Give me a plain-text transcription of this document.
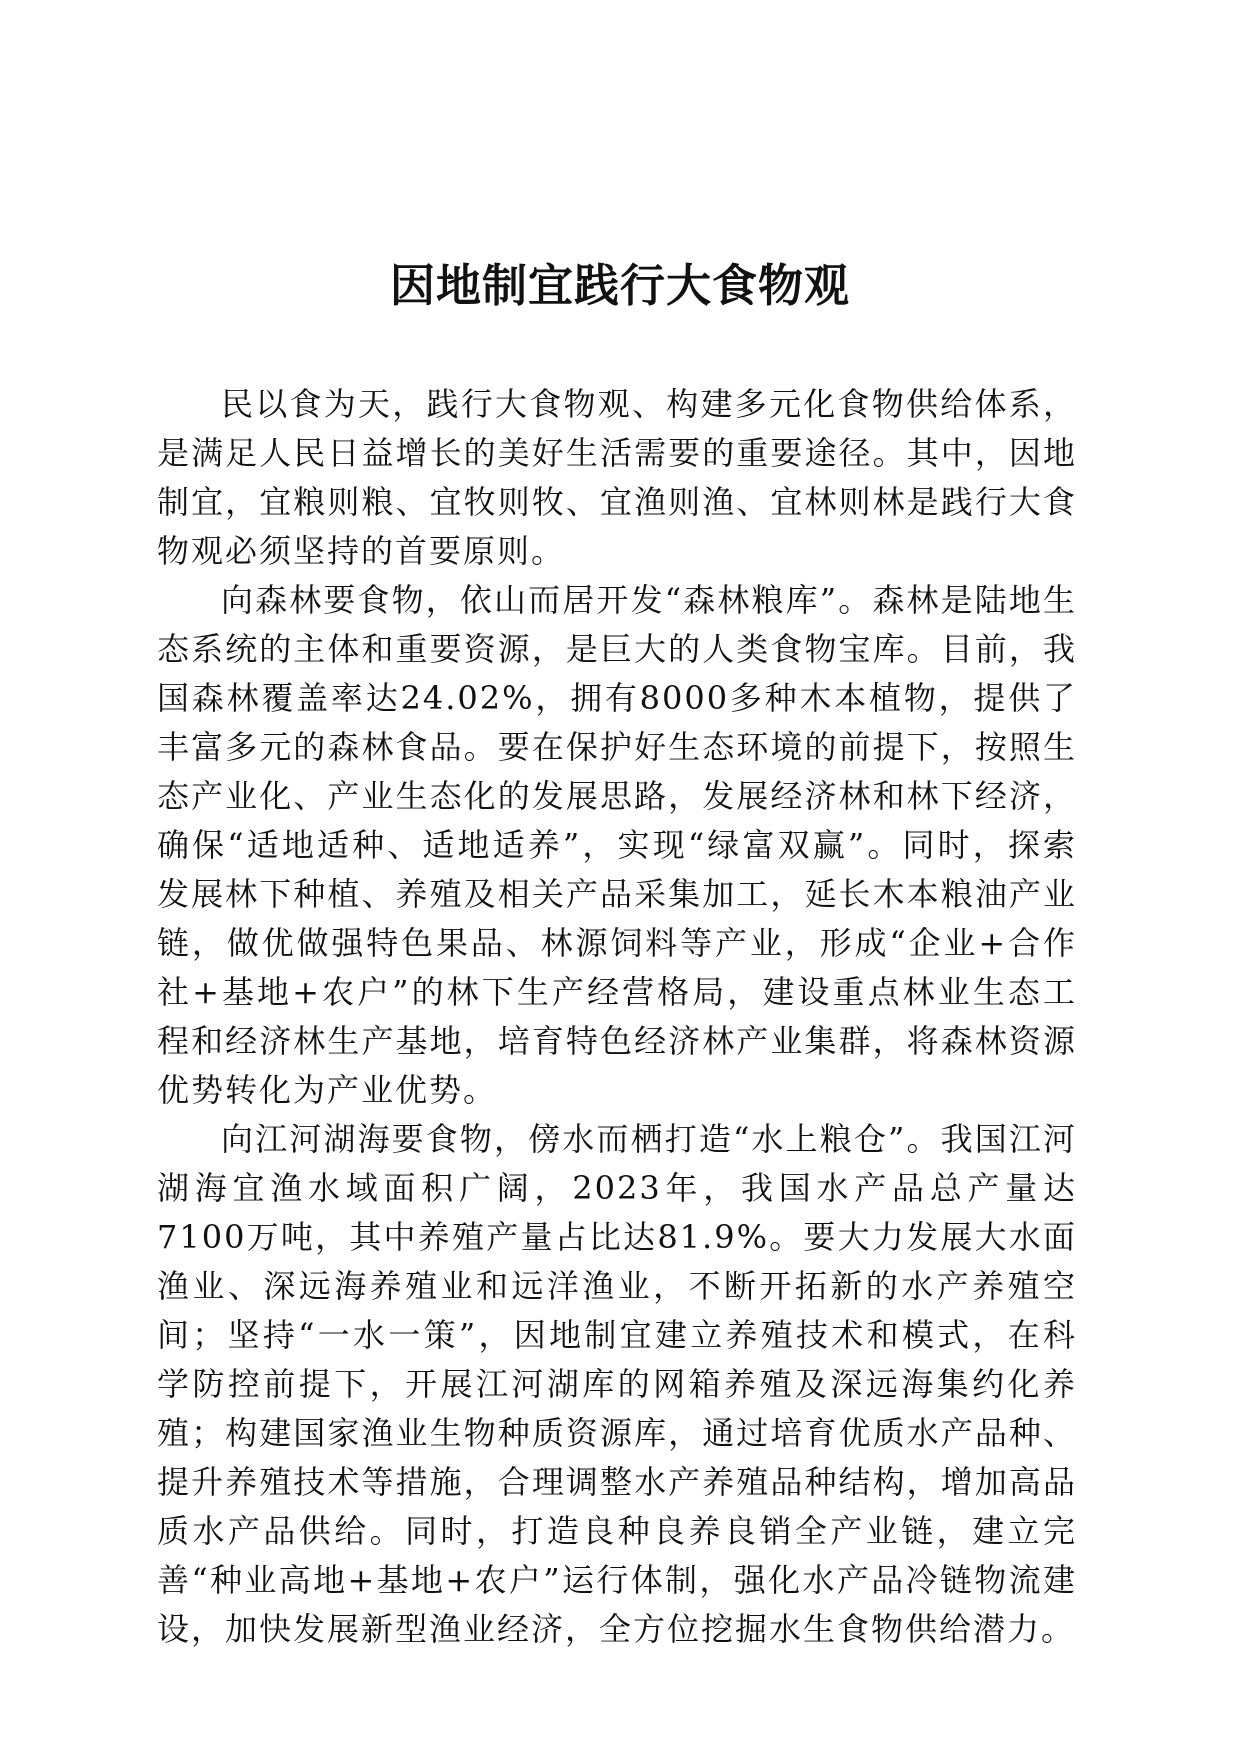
因地制宜践行大食物观

民以食为天，践行大食物观、构建多元化食物供给体系，是满足人民日益增长的美好生活需要的重要途径。其中，因地制宜，宜粮则粮、宜牧则牧、宜渔则渔、宜林则林是践行大食物观必须坚持的首要原则。

向森林要食物，依山而居开发“森林粮库”。森林是陆地生态系统的主体和重要资源，是巨大的人类食物宝库。目前，我国森林覆盖率达24.02%，拥有8000多种木本植物，提供了丰富多元的森林食品。要在保护好生态环境的前提下，按照生态产业化、产业生态化的发展思路，发展经济林和林下经济，确保“适地适种、适地适养”，实现“绿富双赢”。同时，探索发展林下种植、养殖及相关产品采集加工，延长木本粮油产业链，做优做强特色果品、林源饲料等产业，形成“企业+合作社+基地+农户”的林下生产经营格局，建设重点林业生态工程和经济林生产基地，培育特色经济林产业集群，将森林资源优势转化为产业优势。

向江河湖海要食物，傍水而栖打造“水上粮仓”。我国江河湖海宜渔水域面积广阔，2023年，我国水产品总产量达7100万吨，其中养殖产量占比达81.9%。要大力发展大水面渔业、深远海养殖业和远洋渔业，不断开拓新的水产养殖空间；坚持“一水一策”，因地制宜建立养殖技术和模式，在科学防控前提下，开展江河湖库的网箱养殖及深远海集约化养殖；构建国家渔业生物种质资源库，通过培育优质水产品种、提升养殖技术等措施，合理调整水产养殖品种结构，增加高品质水产品供给。同时，打造良种良养良销全产业链，建立完善“种业高地+基地+农户”运行体制，强化水产品冷链物流建设，加快发展新型渔业经济，全方位挖掘水生食物供给潜力。
